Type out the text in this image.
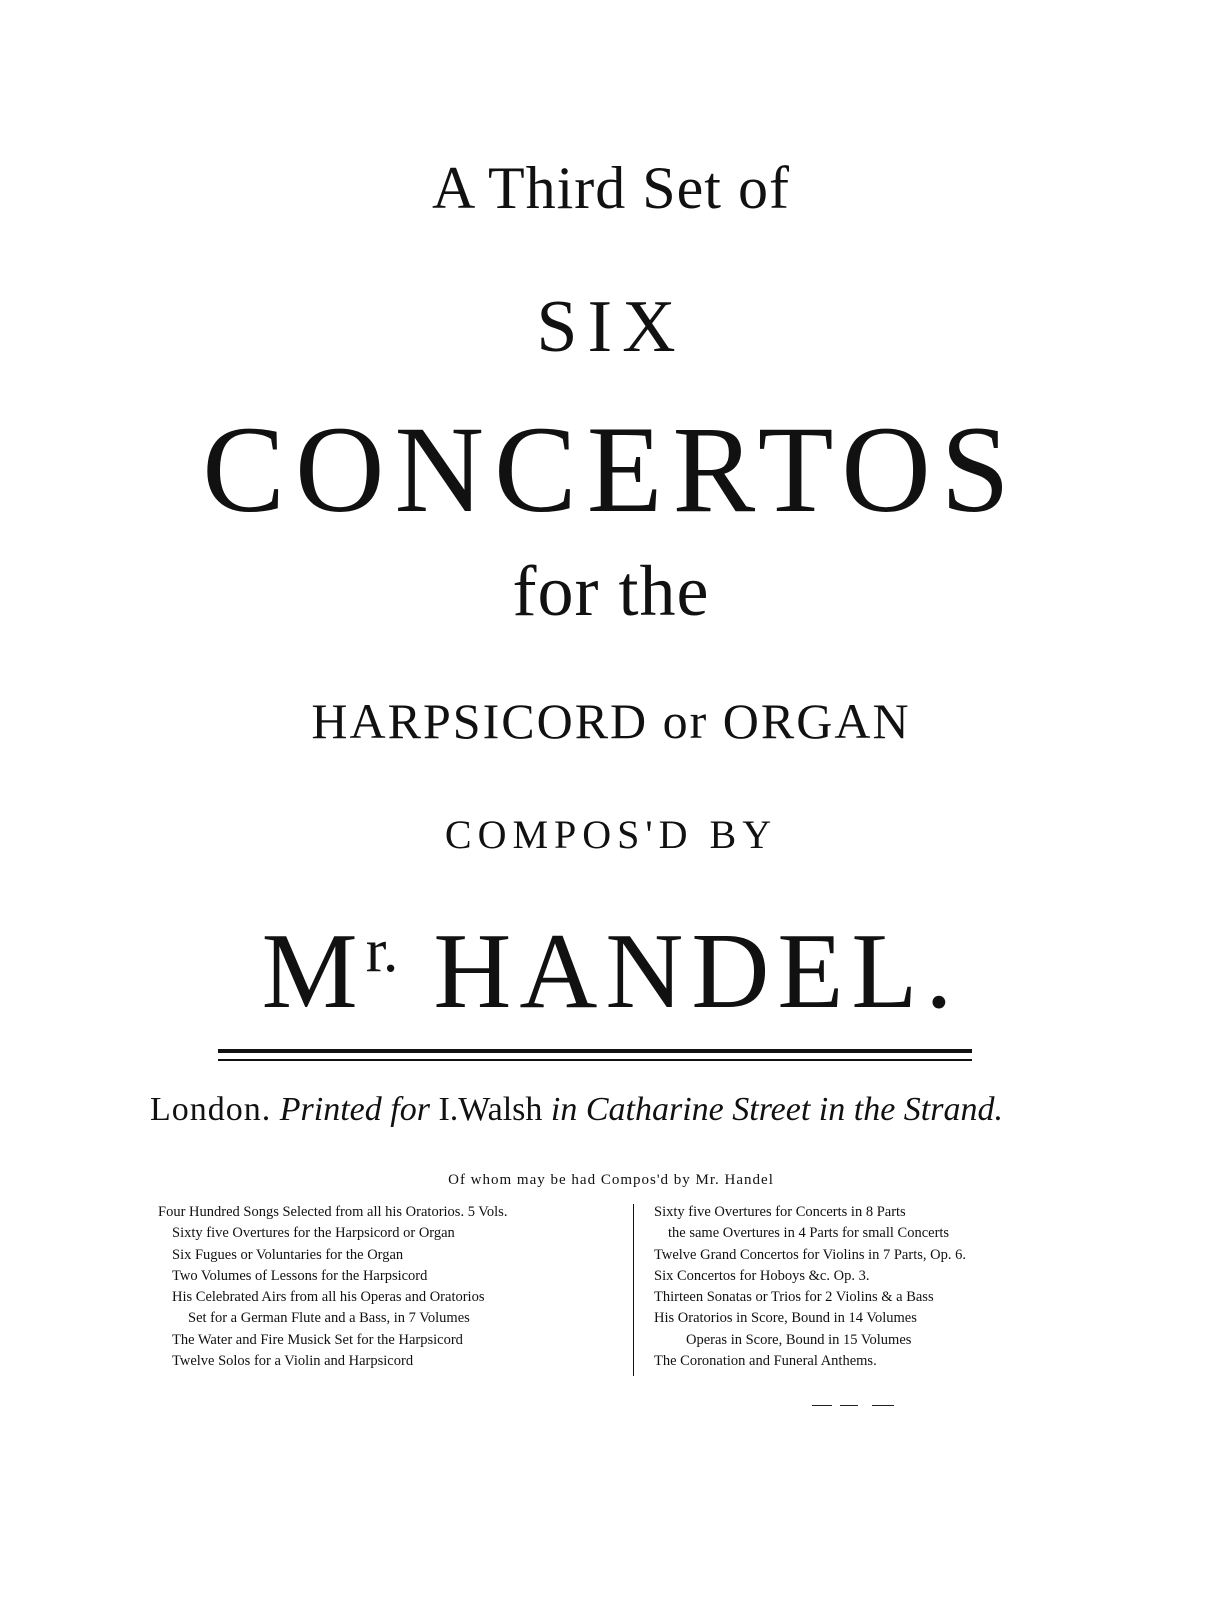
A Third Set of
SIX
CONCERTOS
for the
HARPSICORD or ORGAN
COMPOS'D BY
$M^{r.}$ HANDEL.
London. Printed for I.Walsh in Catharine Street in the Strand.
Of whom may be had Compos'd by Mr. Handel
Four Hundred Songs Selected from all his Oratorios. 5 Vols.
Sixty five Overtures for the Harpsicord or Organ
Six Fugues or Voluntaries for the Organ
Two Volumes of Lessons for the Harpsicord
His Celebrated Airs from all his Operas and Oratorios
Set for a German Flute and a Bass, in 7 Volumes
The Water and Fire Musick Set for the Harpsicord
Twelve Solos for a Violin and Harpsicord
Sixty five Overtures for Concerts in 8 Parts
the same Overtures in 4 Parts for small Concerts
Twelve Grand Concertos for Violins in 7 Parts, Op. 6.
Six Concertos for Hoboys &c. Op. 3.
Thirteen Sonatas or Trios for 2 Violins & a Bass
His Oratorios in Score, Bound in 14 Volumes
Operas in Score, Bound in 15 Volumes
The Coronation and Funeral Anthems.
